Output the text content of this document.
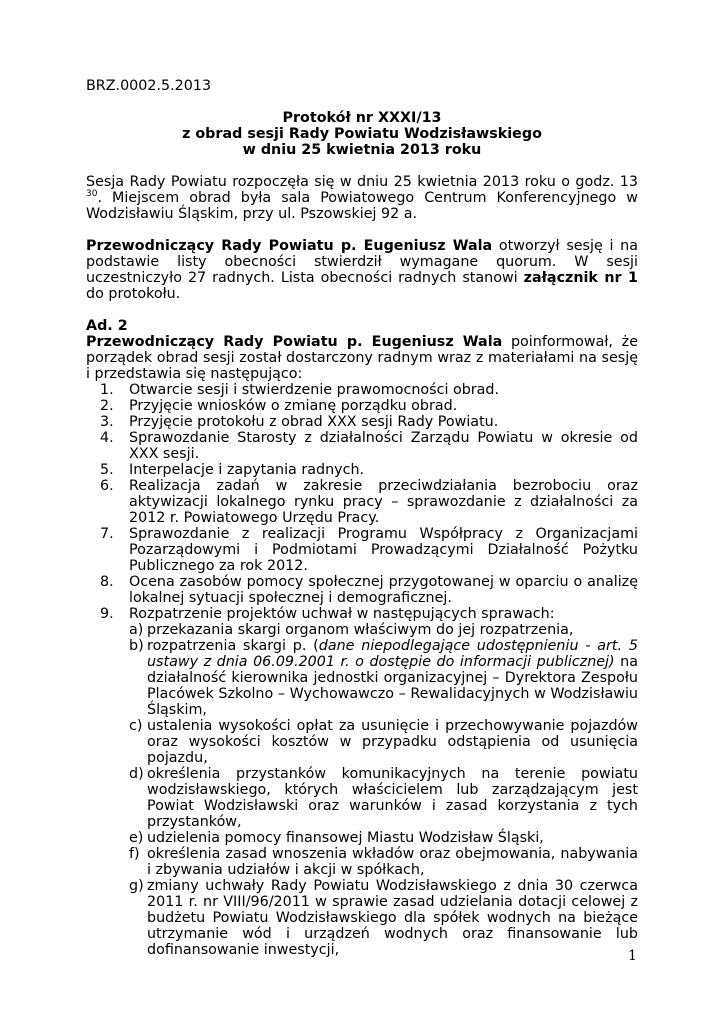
BRZ.0002.5.2013
Protokół nr XXXI/13
z obrad sesji Rady Powiatu Wodzisławskiego
w dniu 25 kwietnia 2013 roku

Sesja Rady Powiatu rozpoczęła się w dniu 25 kwietnia 2013 roku o godz. 13 $^{30}$. Miejscem obrad była sala Powiatowego Centrum Konferencyjnego w Wodzisławiu Śląskim, przy ul. Pszowskiej 92 a.

Przewodniczący Rady Powiatu p. Eugeniusz Wala otworzył sesję i na podstawie listy obecności stwierdził wymagane quorum. W sesji uczestniczyło 27 radnych. Lista obecności radnych stanowi załącznik nr 1 do protokołu.

Ad. 2

Przewodniczący Rady Powiatu p. Eugeniusz Wala poinformował, że porządek obrad sesji został dostarczony radnym wraz z materiałami na sesję i przedstawia się następująco:

1. Otwarcie sesji i stwierdzenie prawomocności obrad.
2. Przyjęcie wniosków o zmianę porządku obrad.
3. Przyjęcie protokołu z obrad XXX sesji Rady Powiatu.
4. Sprawozdanie Starosty z działalności Zarządu Powiatu w okresie od XXX sesji.
5. Interpelacje i zapytania radnych.
6. Realizacja zadań w zakresie przeciwdziałania bezrobociu oraz aktywizacji lokalnego rynku pracy – sprawozdanie z działalności za 2012 r. Powiatowego Urzędu Pracy.
7. Sprawozdanie z realizacji Programu Współpracy z Organizacjami Pozarządowymi i Podmiotami Prowadzącymi Działalność Pożytku Publicznego za rok 2012.
8. Ocena zasobów pomocy społecznej przygotowanej w oparciu o analizę lokalnej sytuacji społecznej i demograficznej.
9. Rozpatrzenie projektów uchwał w następujących sprawach:
a) przekazania skargi organom właściwym do jej rozpatrzenia,
b) rozpatrzenia skargi p. (dane niepodlegające udostępnieniu - art. 5 ustawy z dnia 06.09.2001 r. o dostępie do informacji publicznej) na działalność kierownika jednostki organizacyjnej – Dyrektora Zespołu Placówek Szkolno – Wychowawczo – Rewalidacyjnych w Wodzisławiu Śląskim,
c) ustalenia wysokości opłat za usunięcie i przechowywanie pojazdów oraz wysokości kosztów w przypadku odstąpienia od usunięcia pojazdu,
d) określenia przystanków komunikacyjnych na terenie powiatu wodzisławskiego, których właścicielem lub zarządzającym jest Powiat Wodzisławski oraz warunków i zasad korzystania z tych przystanków,
e) udzielenia pomocy finansowej Miastu Wodzisław Śląski,
f) określenia zasad wnoszenia wkładów oraz obejmowania, nabywania i zbywania udziałów i akcji w spółkach,
g) zmiany uchwały Rady Powiatu Wodzisławskiego z dnia 30 czerwca 2011 r. nr VIII/96/2011 w sprawie zasad udzielania dotacji celowej z budżetu Powiatu Wodzisławskiego dla spółek wodnych na bieżące utrzymanie wód i urządzeń wodnych oraz finansowanie lub dofinansowanie inwestycji,	1
